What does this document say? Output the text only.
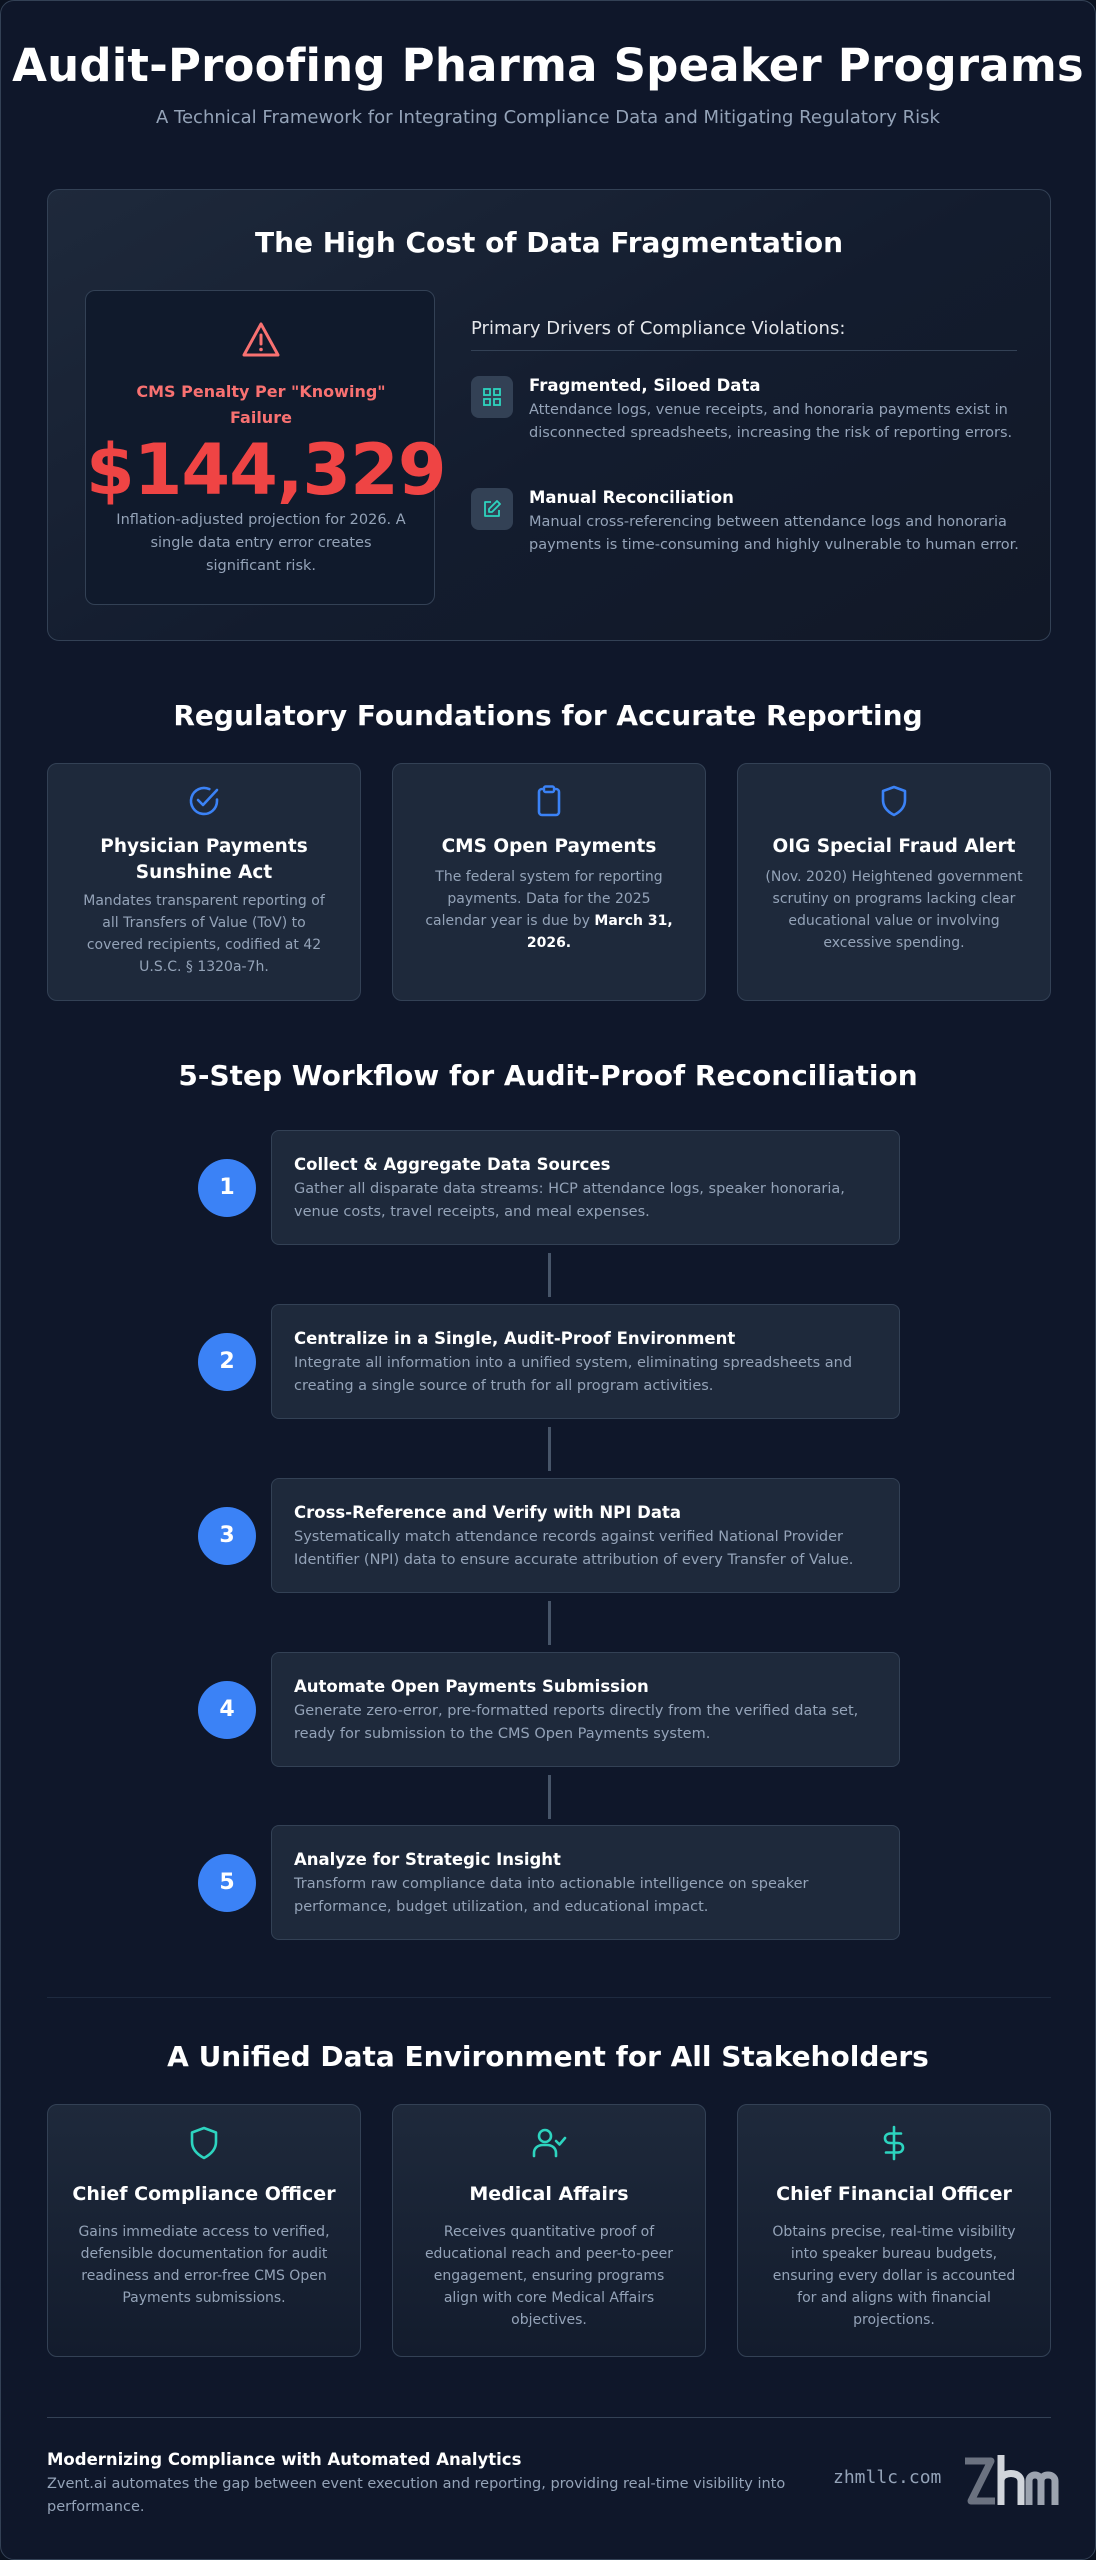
Audit-Proofing Pharma Speaker Programs
A Technical Framework for Integrating Compliance Data and Mitigating Regulatory Risk
The High Cost of Data Fragmentation
CMS Penalty Per "Knowing" Failure
$144,329
Inflation-adjusted projection for 2026. A single data entry error creates significant risk.
Primary Drivers of Compliance Violations:
Fragmented, Siloed Data
Attendance logs, venue receipts, and honoraria payments exist in disconnected spreadsheets, increasing the risk of reporting errors.
Manual Reconciliation
Manual cross-referencing between attendance logs and honoraria payments is time-consuming and highly vulnerable to human error.
Regulatory Foundations for Accurate Reporting
Physician Payments Sunshine Act
Mandates transparent reporting of all Transfers of Value (ToV) to covered recipients, codified at 42 U.S.C. § 1320a-7h.
CMS Open Payments
The federal system for reporting payments. Data for the 2025 calendar year is due by March 31, 2026.
OIG Special Fraud Alert
(Nov. 2020) Heightened government scrutiny on programs lacking clear educational value or involving excessive spending.
5-Step Workflow for Audit-Proof Reconciliation
1
Collect & Aggregate Data Sources
Gather all disparate data streams: HCP attendance logs, speaker honoraria, venue costs, travel receipts, and meal expenses.
2
Centralize in a Single, Audit-Proof Environment
Integrate all information into a unified system, eliminating spreadsheets and creating a single source of truth for all program activities.
3
Cross-Reference and Verify with NPI Data
Systematically match attendance records against verified National Provider Identifier (NPI) data to ensure accurate attribution of every Transfer of Value.
4
Automate Open Payments Submission
Generate zero-error, pre-formatted reports directly from the verified data set, ready for submission to the CMS Open Payments system.
5
Analyze for Strategic Insight
Transform raw compliance data into actionable intelligence on speaker performance, budget utilization, and educational impact.
A Unified Data Environment for All Stakeholders
Chief Compliance Officer
Gains immediate access to verified, defensible documentation for audit readiness and error-free CMS Open Payments submissions.
Medical Affairs
Receives quantitative proof of educational reach and peer-to-peer engagement, ensuring programs align with core Medical Affairs objectives.
Chief Financial Officer
Obtains precise, real-time visibility into speaker bureau budgets, ensuring every dollar is accounted for and aligns with financial projections.
Modernizing Compliance with Automated Analytics
Zvent.ai automates the gap between event execution and reporting, providing real-time visibility into performance.
zhmllc.com
